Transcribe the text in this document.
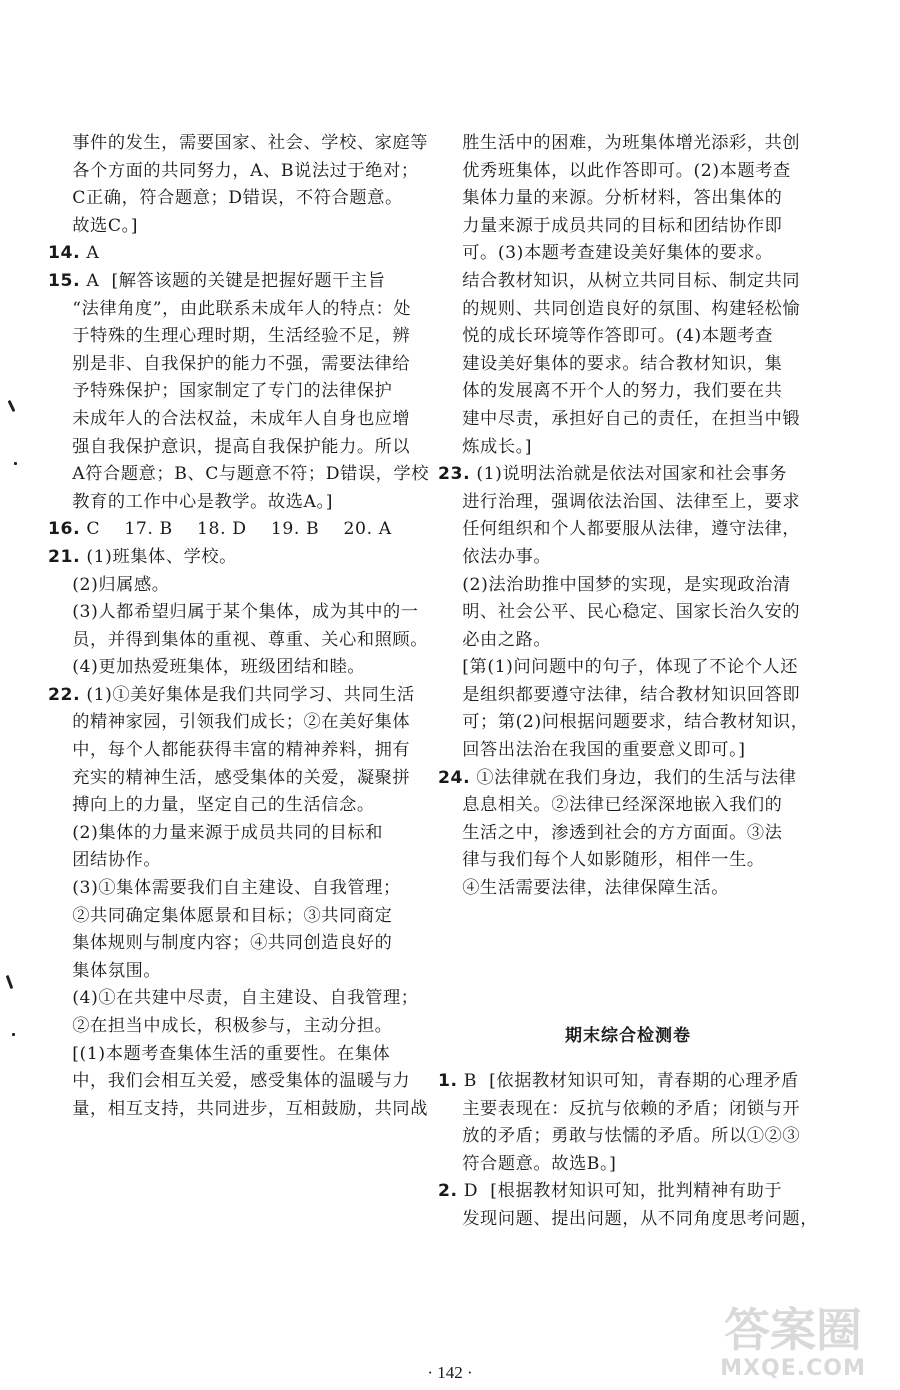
事件的发生，需要国家、社会、学校、家庭等
各个方面的共同努力，A、B说法过于绝对；
C正确，符合题意；D错误，不符合题意。
故选C。]
14. A
15. A  [解答该题的关键是把握好题干主旨
“法律角度”，由此联系未成年人的特点：处
于特殊的生理心理时期，生活经验不足，辨
别是非、自我保护的能力不强，需要法律给
予特殊保护；国家制定了专门的法律保护
未成年人的合法权益，未成年人自身也应增
强自我保护意识，提高自我保护能力。所以
A符合题意；B、C与题意不符；D错误，学校
教育的工作中心是教学。故选A。]
16. C    17. B    18. D    19. B    20. A
21. (1)班集体、学校。
(2)归属感。
(3)人都希望归属于某个集体，成为其中的一
员，并得到集体的重视、尊重、关心和照顾。
(4)更加热爱班集体，班级团结和睦。
22. (1)①美好集体是我们共同学习、共同生活
的精神家园，引领我们成长；②在美好集体
中，每个人都能获得丰富的精神养料，拥有
充实的精神生活，感受集体的关爱，凝聚拼
搏向上的力量，坚定自己的生活信念。
(2)集体的力量来源于成员共同的目标和
团结协作。
(3)①集体需要我们自主建设、自我管理；
②共同确定集体愿景和目标；③共同商定
集体规则与制度内容；④共同创造良好的
集体氛围。
(4)①在共建中尽责，自主建设、自我管理；
②在担当中成长，积极参与，主动分担。
[(1)本题考查集体生活的重要性。在集体
中，我们会相互关爱，感受集体的温暖与力
量，相互支持，共同进步，互相鼓励，共同战
胜生活中的困难，为班集体增光添彩，共创
优秀班集体，以此作答即可。(2)本题考查
集体力量的来源。分析材料，答出集体的
力量来源于成员共同的目标和团结协作即
可。(3)本题考查建设美好集体的要求。
结合教材知识，从树立共同目标、制定共同
的规则、共同创造良好的氛围、构建轻松愉
悦的成长环境等作答即可。(4)本题考查
建设美好集体的要求。结合教材知识，集
体的发展离不开个人的努力，我们要在共
建中尽责，承担好自己的责任，在担当中锻
炼成长。]
23. (1)说明法治就是依法对国家和社会事务
进行治理，强调依法治国、法律至上，要求
任何组织和个人都要服从法律，遵守法律，
依法办事。
(2)法治助推中国梦的实现，是实现政治清
明、社会公平、民心稳定、国家长治久安的
必由之路。
[第(1)问问题中的句子，体现了不论个人还
是组织都要遵守法律，结合教材知识回答即
可；第(2)问根据问题要求，结合教材知识，
回答出法治在我国的重要意义即可。]
24. ①法律就在我们身边，我们的生活与法律
息息相关。②法律已经深深地嵌入我们的
生活之中，渗透到社会的方方面面。③法
律与我们每个人如影随形，相伴一生。
④生活需要法律，法律保障生活。
期末综合检测卷
1. B  [依据教材知识可知，青春期的心理矛盾
主要表现在：反抗与依赖的矛盾；闭锁与开
放的矛盾；勇敢与怯懦的矛盾。所以①②③
符合题意。故选B。]
2. D  [根据教材知识可知，批判精神有助于
发现问题、提出问题，从不同角度思考问题，
· 142 ·
答案圈
MXQE.COM
